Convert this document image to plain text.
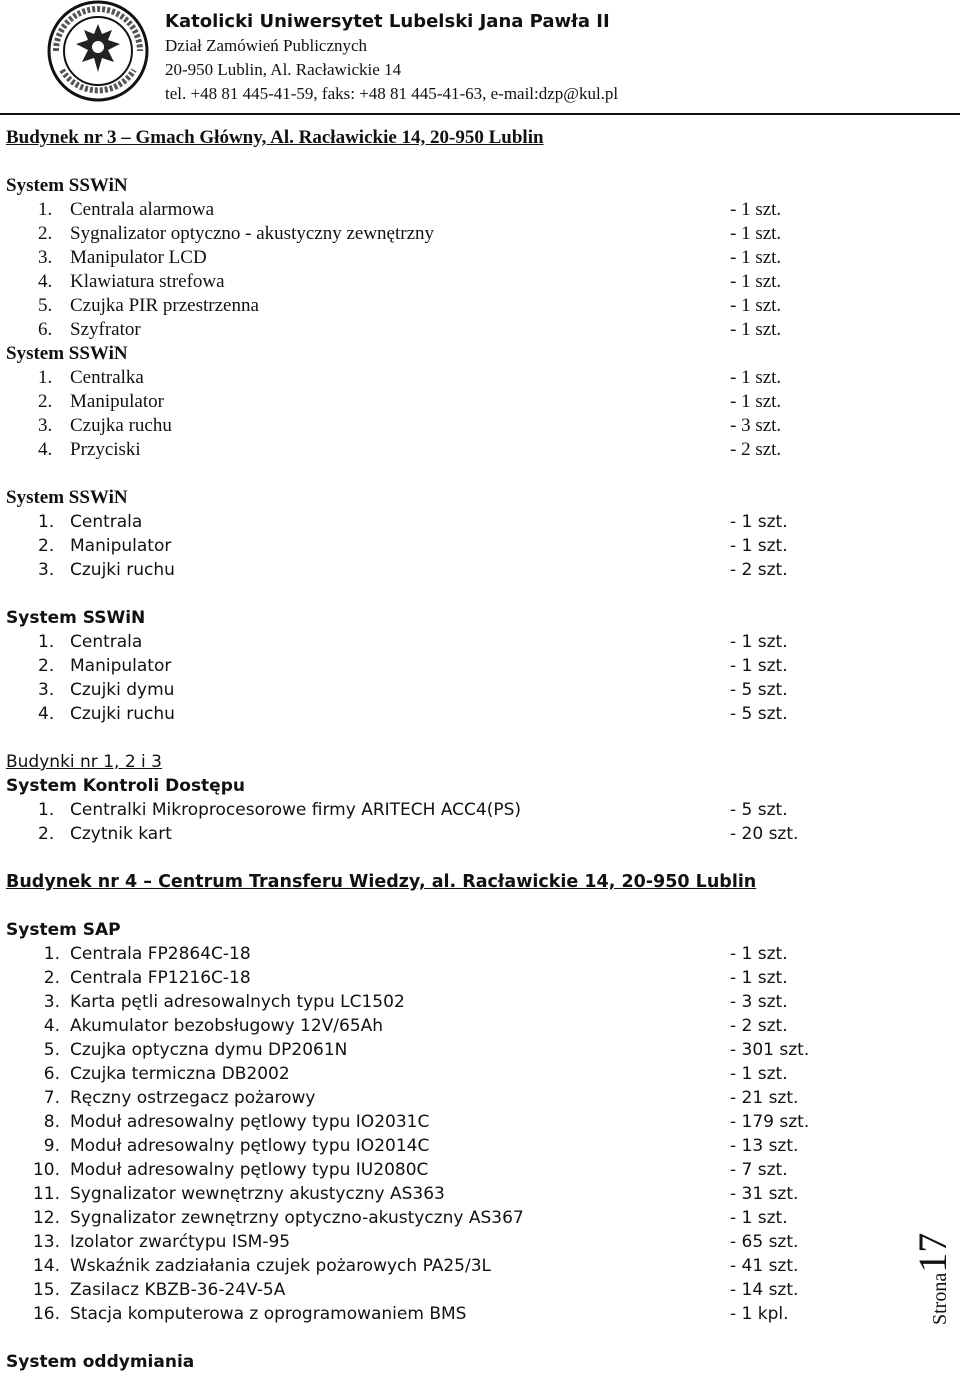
Katolicki Uniwersytet Lubelski Jana Pawła II
Dział Zamówień Publicznych
20-950 Lublin, Al. Racławickie 14
tel. +48 81 445-41-59, faks: +48 81 445-41-63, e-mail:dzp@kul.pl
Budynek nr 3 – Gmach Główny, Al. Racławickie 14, 20-950 Lublin
System SSWiN
1. Centrala alarmowa	- 1 szt.
2. Sygnalizator optyczno - akustyczny zewnętrzny	- 1 szt.
3. Manipulator LCD	- 1 szt.
4. Klawiatura strefowa	- 1 szt.
5. Czujka PIR przestrzenna	- 1 szt.
6. Szyfrator	- 1 szt.
System SSWiN
1. Centralka	- 1 szt.
2. Manipulator	- 1 szt.
3. Czujka ruchu	- 3 szt.
4. Przyciski	- 2 szt.
System SSWiN
1. Centrala	- 1 szt.
2. Manipulator	- 1 szt.
3. Czujki ruchu	- 2 szt.
System SSWiN
1. Centrala	- 1 szt.
2. Manipulator	- 1 szt.
3. Czujki dymu	- 5 szt.
4. Czujki ruchu	- 5 szt.
Budynki nr 1, 2 i 3
System Kontroli Dostępu
1. Centralki Mikroprocesorowe firmy ARITECH ACC4(PS)	- 5 szt.
2. Czytnik kart	- 20 szt.
Budynek nr 4 – Centrum Transferu Wiedzy, al. Racławickie 14, 20-950 Lublin
System SAP
1. Centrala FP2864C-18	- 1 szt.
2. Centrala FP1216C-18	- 1 szt.
3. Karta pętli adresowalnych typu LC1502	- 3 szt.
4. Akumulator bezobsługowy 12V/65Ah	- 2 szt.
5. Czujka optyczna dymu DP2061N	- 301 szt.
6. Czujka termiczna DB2002	- 1 szt.
7. Ręczny ostrzegacz pożarowy	- 21 szt.
8. Moduł adresowalny pętlowy typu IO2031C	- 179 szt.
9. Moduł adresowalny pętlowy typu IO2014C	- 13 szt.
10. Moduł adresowalny pętlowy typu IU2080C	- 7 szt.
11. Sygnalizator wewnętrzny akustyczny AS363	- 31 szt.
12. Sygnalizator zewnętrzny optyczno-akustyczny AS367	- 1 szt.
13. Izolator zwarćtypu ISM-95	- 65 szt.
14. Wskaźnik zadziałania czujek pożarowych PA25/3L	- 41 szt.
15. Zasilacz KBZB-36-24V-5A	- 14 szt.
16. Stacja komputerowa z oprogramowaniem BMS	- 1 kpl.
System oddymiania
Strona17
